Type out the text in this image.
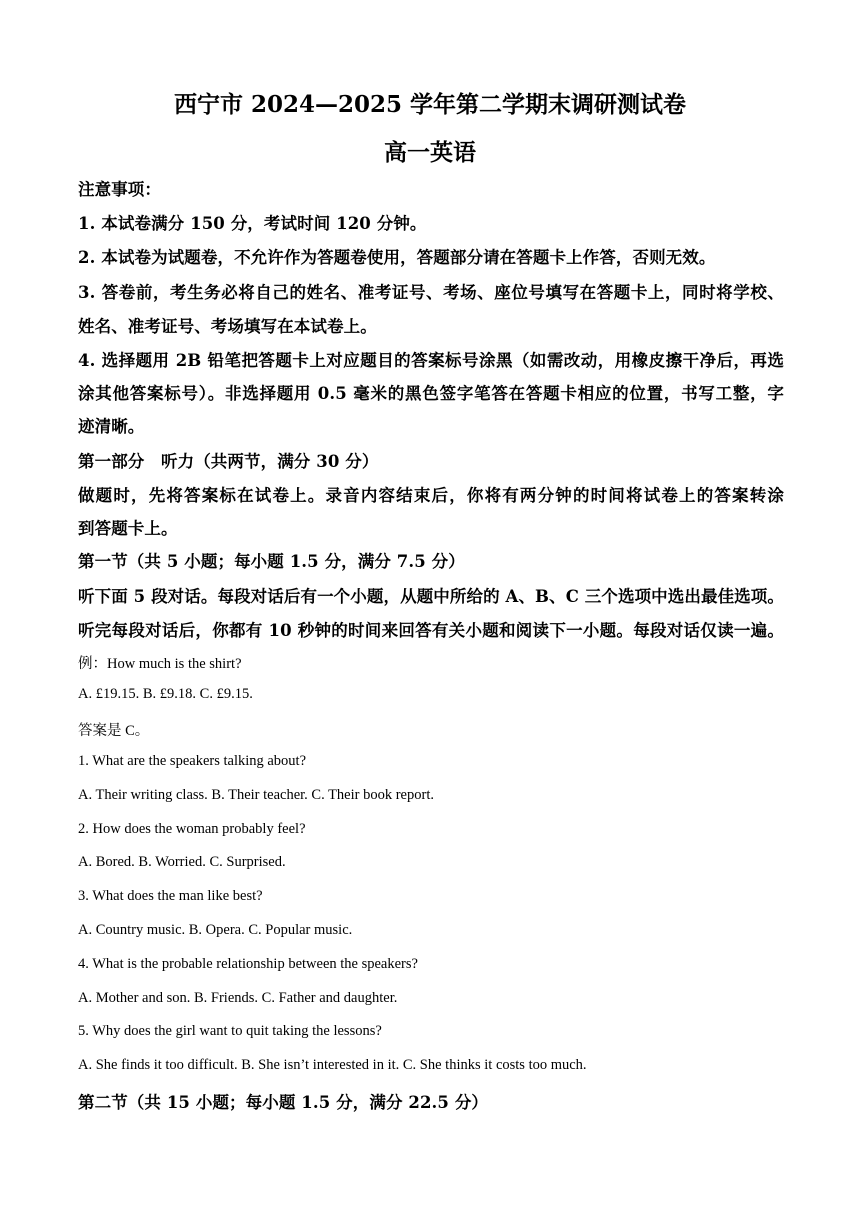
西宁市 2024—2025 学年第二学期末调研测试卷
高一英语
注意事项：
1. 本试卷满分 150 分，考试时间 120 分钟。
2. 本试卷为试题卷，不允许作为答题卷使用，答题部分请在答题卡上作答，否则无效。
3. 答卷前，考生务必将自己的姓名、准考证号、考场、座位号填写在答题卡上，同时将学校、
姓名、准考证号、考场填写在本试卷上。
4. 选择题用 2B 铅笔把答题卡上对应题目的答案标号涂黑（如需改动，用橡皮擦干净后，再选
涂其他答案标号）。非选择题用 0.5 毫米的黑色签字笔答在答题卡相应的位置，书写工整，字
迹清晰。
第一部分　听力（共两节，满分 30 分）
做题时，先将答案标在试卷上。录音内容结束后，你将有两分钟的时间将试卷上的答案转涂
到答题卡上。
第一节（共 5 小题；每小题 1.5 分，满分 7.5 分）
听下面 5 段对话。每段对话后有一个小题，从题中所给的 A、B、C 三个选项中选出最佳选项。
听完每段对话后，你都有 10 秒钟的时间来回答有关小题和阅读下一小题。每段对话仅读一遍。
例：How much is the shirt?
A. £19.15. B. £9.18. C. £9.15.
答案是 C。
1. What are the speakers talking about?
A. Their writing class. B. Their teacher. C. Their book report.
2. How does the woman probably feel?
A. Bored. B. Worried. C. Surprised.
3. What does the man like best?
A. Country music. B. Opera. C. Popular music.
4. What is the probable relationship between the speakers?
A. Mother and son. B. Friends. C. Father and daughter.
5. Why does the girl want to quit taking the lessons?
A. She finds it too difficult. B. She isn’t interested in it. C. She thinks it costs too much.
第二节（共 15 小题；每小题 1.5 分，满分 22.5 分）
